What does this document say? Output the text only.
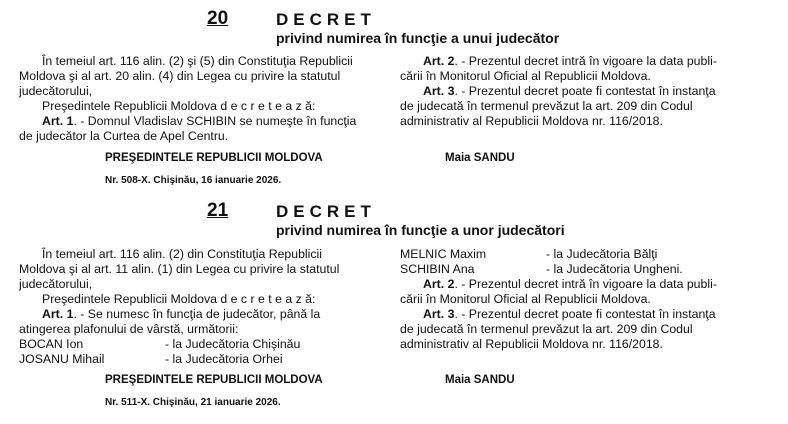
20	DECRET
privind numirea în funcţie a unui judecător
În temeiul art. 116 alin. (2) şi (5) din Constituţia Republicii
Moldova şi al art. 20 alin. (4) din Legea cu privire la statutul
judecătorului,
Preşedintele Republicii Moldova d e c r e t e a z ă:
Art. 1. - Domnul Vladislav SCHIBIN se numeşte în funcţia
de judecător la Curtea de Apel Centru.
Art. 2. - Prezentul decret intră în vigoare la data publi-
cării în Monitorul Oficial al Republicii Moldova.
Art. 3. - Prezentul decret poate fi contestat în instanţa
de judecată în termenul prevăzut la art. 209 din Codul
administrativ al Republicii Moldova nr. 116/2018.
PREŞEDINTELE REPUBLICII MOLDOVA	Maia SANDU
Nr. 508-X. Chişinău, 16 ianuarie 2026.
21	DECRET
privind numirea în funcţie a unor judecători
În temeiul art. 116 alin. (2) din Constituţia Republicii
Moldova şi al art. 11 alin. (1) din Legea cu privire la statutul
judecătorului,
Preşedintele Republicii Moldova d e c r e t e a z ă:
Art. 1. - Se numesc în funcţia de judecător, până la
atingerea plafonului de vârstă, următorii:
BOCAN Ion	- la Judecătoria Chişinău
JOSANU Mihail	- la Judecătoria Orhei
MELNIC Maxim	- la Judecătoria Bălţi
SCHIBIN Ana	- la Judecătoria Ungheni.
Art. 2. - Prezentul decret intră în vigoare la data publi-
cării în Monitorul Oficial al Republicii Moldova.
Art. 3. - Prezentul decret poate fi contestat în instanţa
de judecată în termenul prevăzut la art. 209 din Codul
administrativ al Republicii Moldova nr. 116/2018.
PREŞEDINTELE REPUBLICII MOLDOVA	Maia SANDU
Nr. 511-X. Chişinău, 21 ianuarie 2026.
